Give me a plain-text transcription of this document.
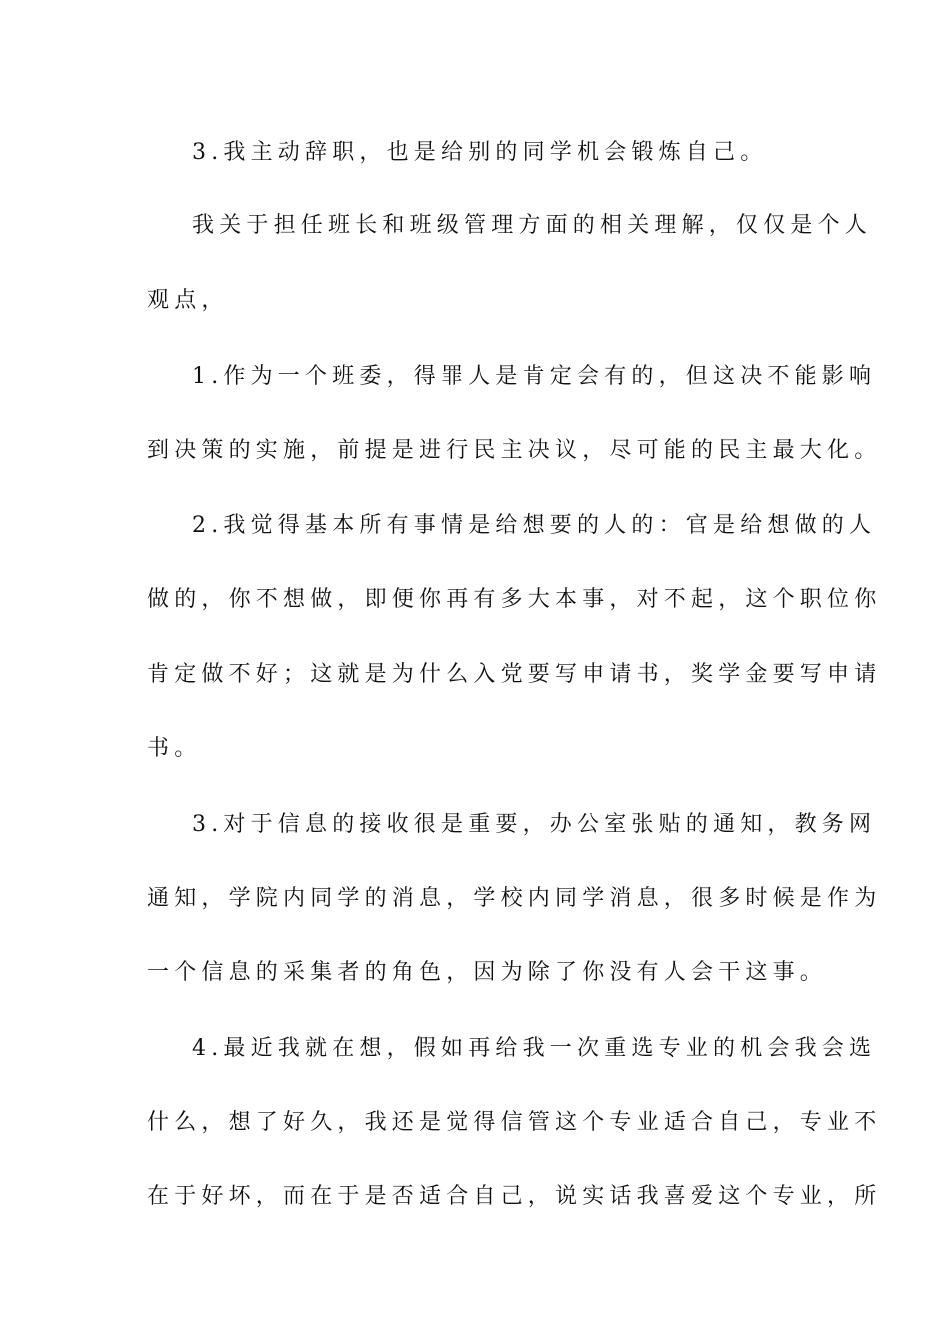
3.我主动辞职，也是给别的同学机会锻炼自己。
我关于担任班长和班级管理方面的相关理解，仅仅是个人
观点，
1.作为一个班委，得罪人是肯定会有的，但这决不能影响
到决策的实施，前提是进行民主决议，尽可能的民主最大化。
2.我觉得基本所有事情是给想要的人的：官是给想做的人
做的，你不想做，即便你再有多大本事，对不起，这个职位你
肯定做不好；这就是为什么入党要写申请书，奖学金要写申请
书。
3.对于信息的接收很是重要，办公室张贴的通知，教务网
通知，学院内同学的消息，学校内同学消息，很多时候是作为
一个信息的采集者的角色，因为除了你没有人会干这事。
4.最近我就在想，假如再给我一次重选专业的机会我会选
什么，想了好久，我还是觉得信管这个专业适合自己，专业不
在于好坏，而在于是否适合自己，说实话我喜爱这个专业，所
